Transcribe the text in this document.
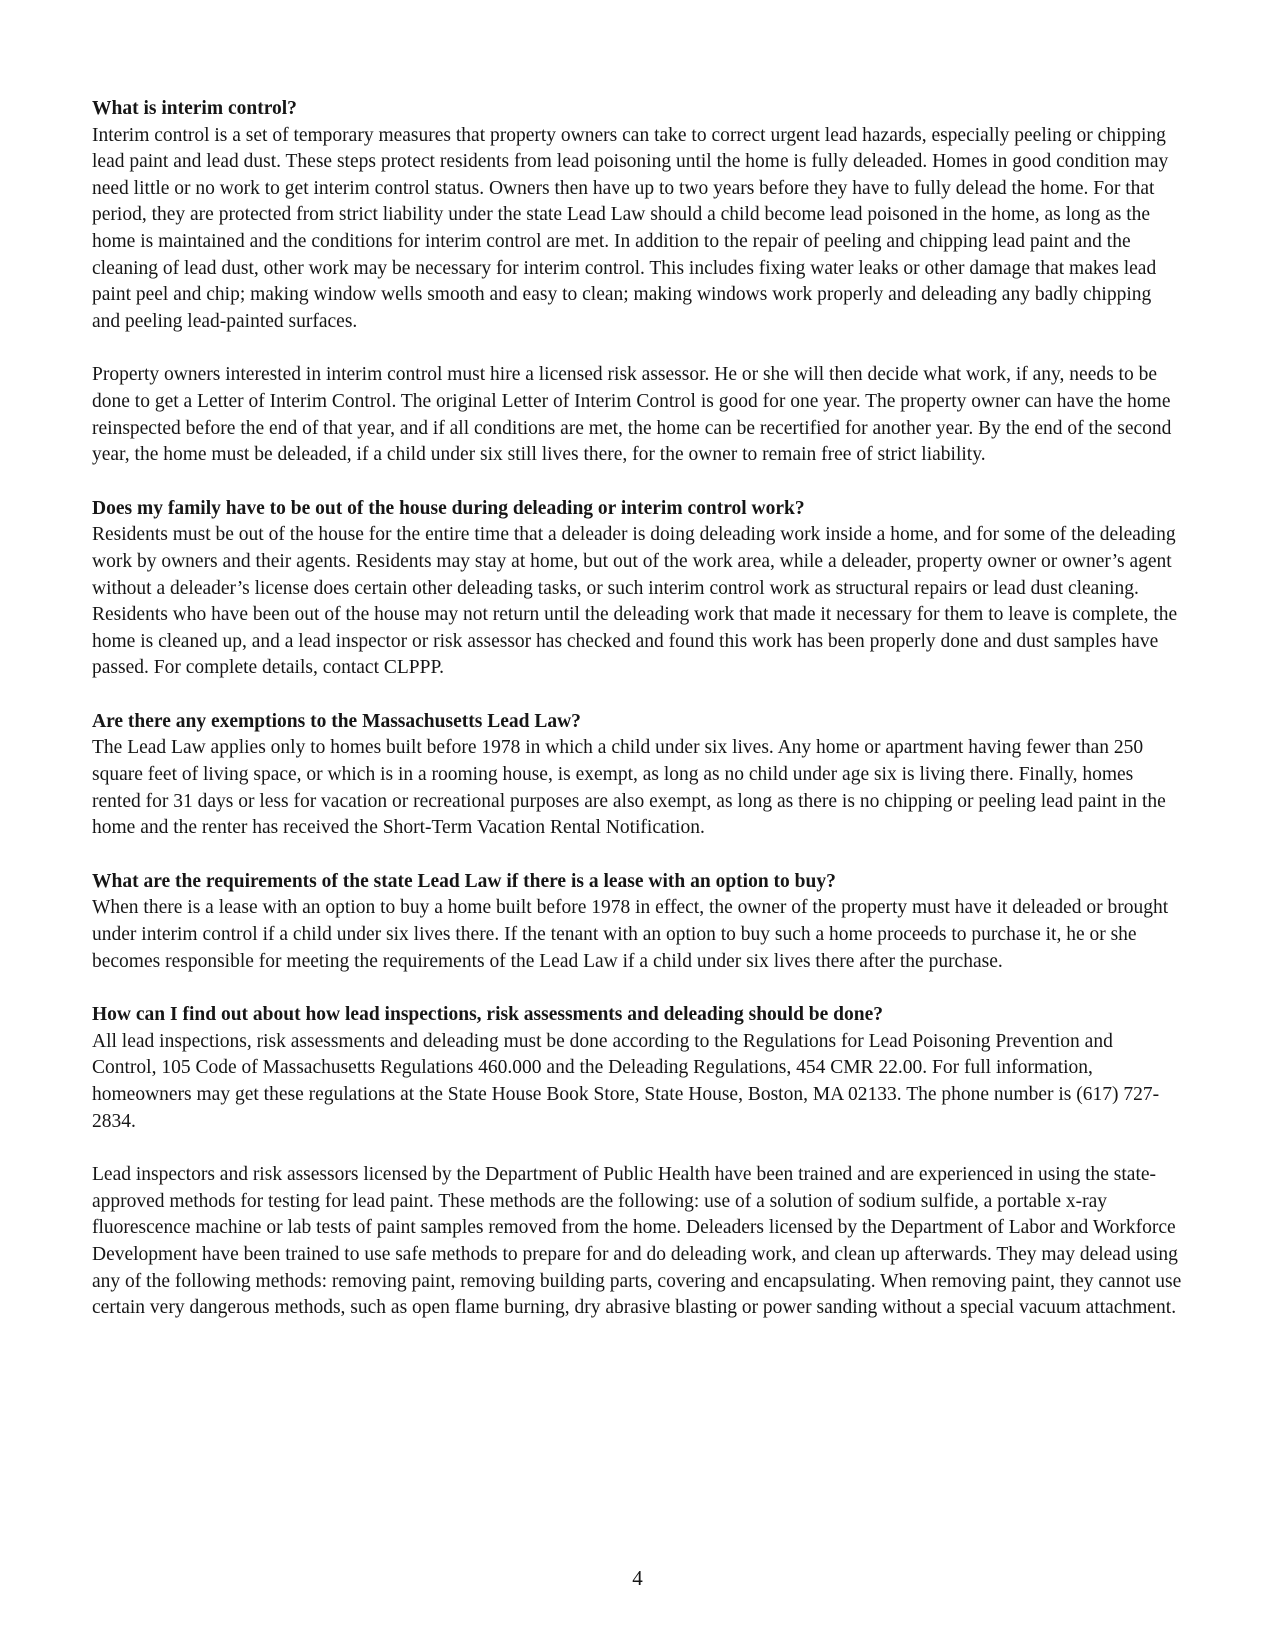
What is interim control?

Interim control is a set of temporary measures that property owners can take to correct urgent lead hazards, especially peeling or chipping lead paint and lead dust. These steps protect residents from lead poisoning until the home is fully deleaded. Homes in good condition may need little or no work to get interim control status. Owners then have up to two years before they have to fully delead the home. For that period, they are protected from strict liability under the state Lead Law should a child become lead poisoned in the home, as long as the home is maintained and the conditions for interim control are met. In addition to the repair of peeling and chipping lead paint and the cleaning of lead dust, other work may be necessary for interim control. This includes fixing water leaks or other damage that makes lead paint peel and chip; making window wells smooth and easy to clean; making windows work properly and deleading any badly chipping and peeling lead-painted surfaces.

Property owners interested in interim control must hire a licensed risk assessor. He or she will then decide what work, if any, needs to be done to get a Letter of Interim Control. The original Letter of Interim Control is good for one year. The property owner can have the home reinspected before the end of that year, and if all conditions are met, the home can be recertified for another year. By the end of the second year, the home must be deleaded, if a child under six still lives there, for the owner to remain free of strict liability.

Does my family have to be out of the house during deleading or interim control work?

Residents must be out of the house for the entire time that a deleader is doing deleading work inside a home, and for some of the deleading work by owners and their agents. Residents may stay at home, but out of the work area, while a deleader, property owner or owner’s agent without a deleader’s license does certain other deleading tasks, or such interim control work as structural repairs or lead dust cleaning. Residents who have been out of the house may not return until the deleading work that made it necessary for them to leave is complete, the home is cleaned up, and a lead inspector or risk assessor has checked and found this work has been properly done and dust samples have passed. For complete details, contact CLPPP.

Are there any exemptions to the Massachusetts Lead Law?

The Lead Law applies only to homes built before 1978 in which a child under six lives. Any home or apartment having fewer than 250 square feet of living space, or which is in a rooming house, is exempt, as long as no child under age six is living there. Finally, homes rented for 31 days or less for vacation or recreational purposes are also exempt, as long as there is no chipping or peeling lead paint in the home and the renter has received the Short-Term Vacation Rental Notification.

What are the requirements of the state Lead Law if there is a lease with an option to buy?

When there is a lease with an option to buy a home built before 1978 in effect, the owner of the property must have it deleaded or brought under interim control if a child under six lives there. If the tenant with an option to buy such a home proceeds to purchase it, he or she becomes responsible for meeting the requirements of the Lead Law if a child under six lives there after the purchase.

How can I find out about how lead inspections, risk assessments and deleading should be done?

All lead inspections, risk assessments and deleading must be done according to the Regulations for Lead Poisoning Prevention and Control, 105 Code of Massachusetts Regulations 460.000 and the Deleading Regulations, 454 CMR 22.00. For full information, homeowners may get these regulations at the State House Book Store, State House, Boston, MA 02133. The phone number is (617) 727-2834.

Lead inspectors and risk assessors licensed by the Department of Public Health have been trained and are experienced in using the state-approved methods for testing for lead paint. These methods are the following: use of a solution of sodium sulfide, a portable x-ray fluorescence machine or lab tests of paint samples removed from the home. Deleaders licensed by the Department of Labor and Workforce Development have been trained to use safe methods to prepare for and do deleading work, and clean up afterwards. They may delead using any of the following methods: removing paint, removing building parts, covering and encapsulating. When removing paint, they cannot use certain very dangerous methods, such as open flame burning, dry abrasive blasting or power sanding without a special vacuum attachment.

4
